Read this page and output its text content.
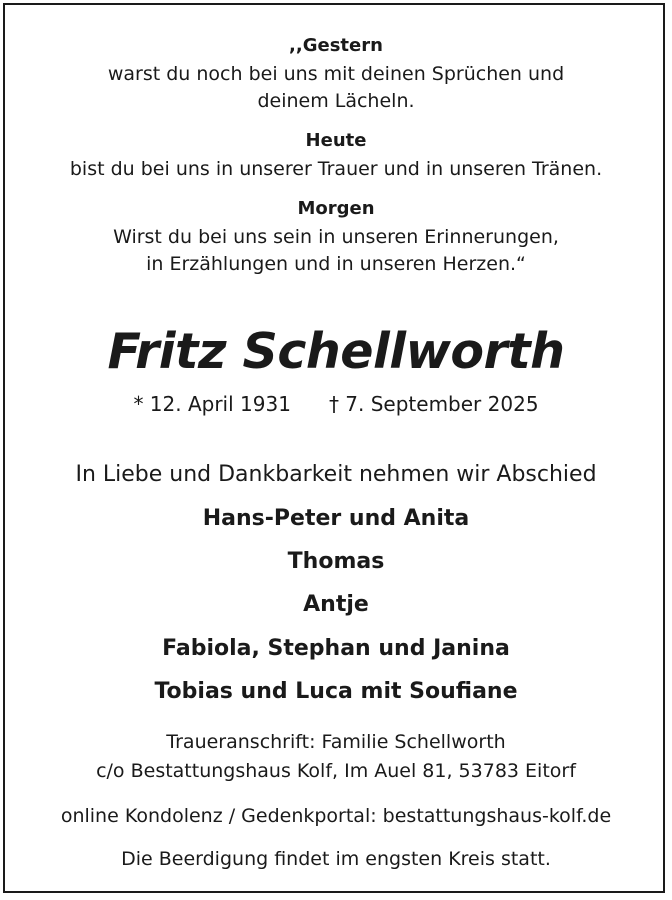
,,Gestern
warst du noch bei uns mit deinen Sprüchen und
deinem Lächeln.
Heute
bist du bei uns in unserer Trauer und in unseren Tränen.
Morgen
Wirst du bei uns sein in unseren Erinnerungen,
in Erzählungen und in unseren Herzen.“
Fritz Schellworth
* 12. April 1931 † 7. September 2025
In Liebe und Dankbarkeit nehmen wir Abschied
Hans-Peter und Anita
Thomas
Antje
Fabiola, Stephan und Janina
Tobias und Luca mit Soufiane
Traueranschrift: Familie Schellworth
c/o Bestattungshaus Kolf, Im Auel 81, 53783 Eitorf
online Kondolenz / Gedenkportal: bestattungshaus-kolf.de
Die Beerdigung findet im engsten Kreis statt.
